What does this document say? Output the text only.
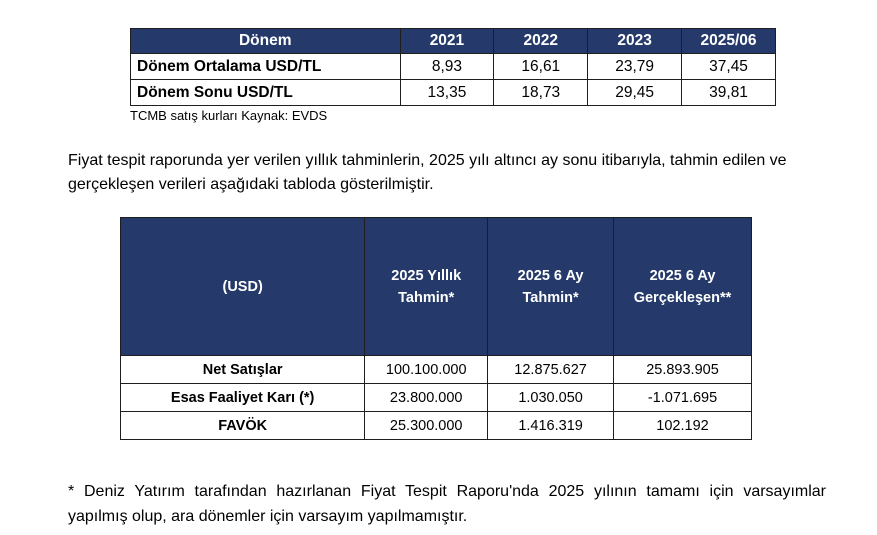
Dönem	2021	2022	2023	2025/06
Dönem Ortalama USD/TL	8,93	16,61	23,79	37,45
Dönem Sonu USD/TL	13,35	18,73	29,45	39,81
TCMB satış kurları Kaynak: EVDS
Fiyat tespit raporunda yer verilen yıllık tahminlerin, 2025 yılı altıncı ay sonu itibarıyla, tahmin edilen ve gerçekleşen verileri aşağıdaki tabloda gösterilmiştir.
(USD)	2025 Yıllık Tahmin*	2025 6 Ay Tahmin*	2025 6 Ay Gerçekleşen**

Net Satışlar	100.100.000	12.875.627	25.893.905
Esas Faaliyet Karı (*)	23.800.000	1.030.050	-1.071.695
FAVÖK	25.300.000	1.416.319	102.192
* Deniz Yatırım tarafından hazırlanan Fiyat Tespit Raporu'nda 2025 yılının tamamı için varsayımlar yapılmış olup, ara dönemler için varsayım yapılmamıştır.
